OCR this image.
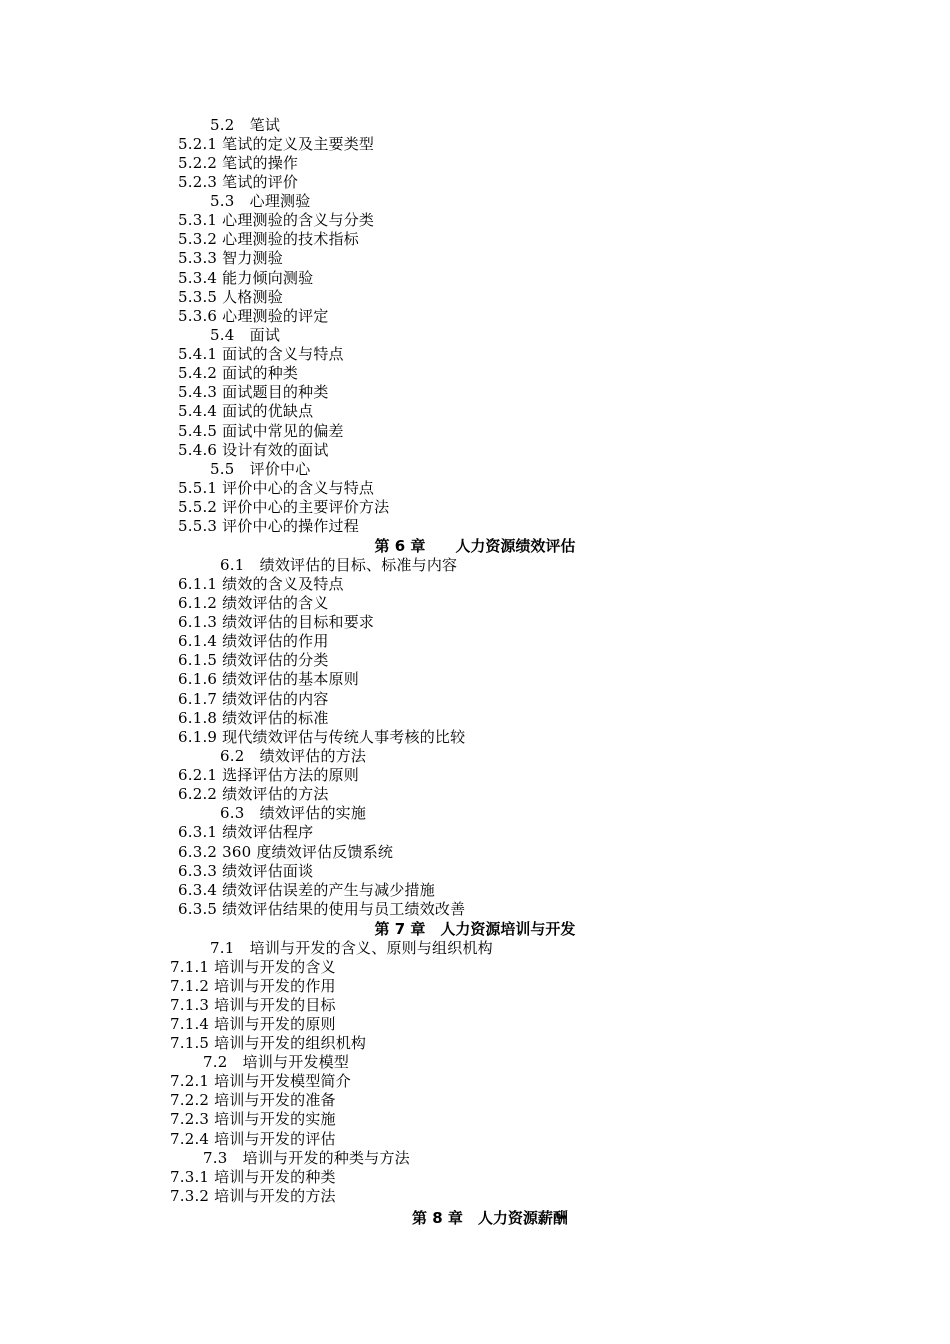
5.2　笔试
5.2.1 笔试的定义及主要类型
5.2.2 笔试的操作
5.2.3 笔试的评价
5.3　心理测验
5.3.1 心理测验的含义与分类
5.3.2 心理测验的技术指标
5.3.3 智力测验
5.3.4 能力倾向测验
5.3.5 人格测验
5.3.6 心理测验的评定
5.4　面试
5.4.1 面试的含义与特点
5.4.2 面试的种类
5.4.3 面试题目的种类
5.4.4 面试的优缺点
5.4.5 面试中常见的偏差
5.4.6 设计有效的面试
5.5　评价中心
5.5.1 评价中心的含义与特点
5.5.2 评价中心的主要评价方法
5.5.3 评价中心的操作过程
第 6 章　　人力资源绩效评估
6.1　绩效评估的目标、标准与内容
6.1.1 绩效的含义及特点
6.1.2 绩效评估的含义
6.1.3 绩效评估的目标和要求
6.1.4 绩效评估的作用
6.1.5 绩效评估的分类
6.1.6 绩效评估的基本原则
6.1.7 绩效评估的内容
6.1.8 绩效评估的标准
6.1.9 现代绩效评估与传统人事考核的比较
6.2　绩效评估的方法
6.2.1 选择评估方法的原则
6.2.2 绩效评估的方法
6.3　绩效评估的实施
6.3.1 绩效评估程序
6.3.2 360 度绩效评估反馈系统
6.3.3 绩效评估面谈
6.3.4 绩效评估误差的产生与减少措施
6.3.5 绩效评估结果的使用与员工绩效改善
第 7 章　人力资源培训与开发
7.1　培训与开发的含义、原则与组织机构
7.1.1 培训与开发的含义
7.1.2 培训与开发的作用
7.1.3 培训与开发的目标
7.1.4 培训与开发的原则
7.1.5 培训与开发的组织机构
7.2　培训与开发模型
7.2.1 培训与开发模型简介
7.2.2 培训与开发的准备
7.2.3 培训与开发的实施
7.2.4 培训与开发的评估
7.3　培训与开发的种类与方法
7.3.1 培训与开发的种类
7.3.2 培训与开发的方法
第 8 章　人力资源薪酬
